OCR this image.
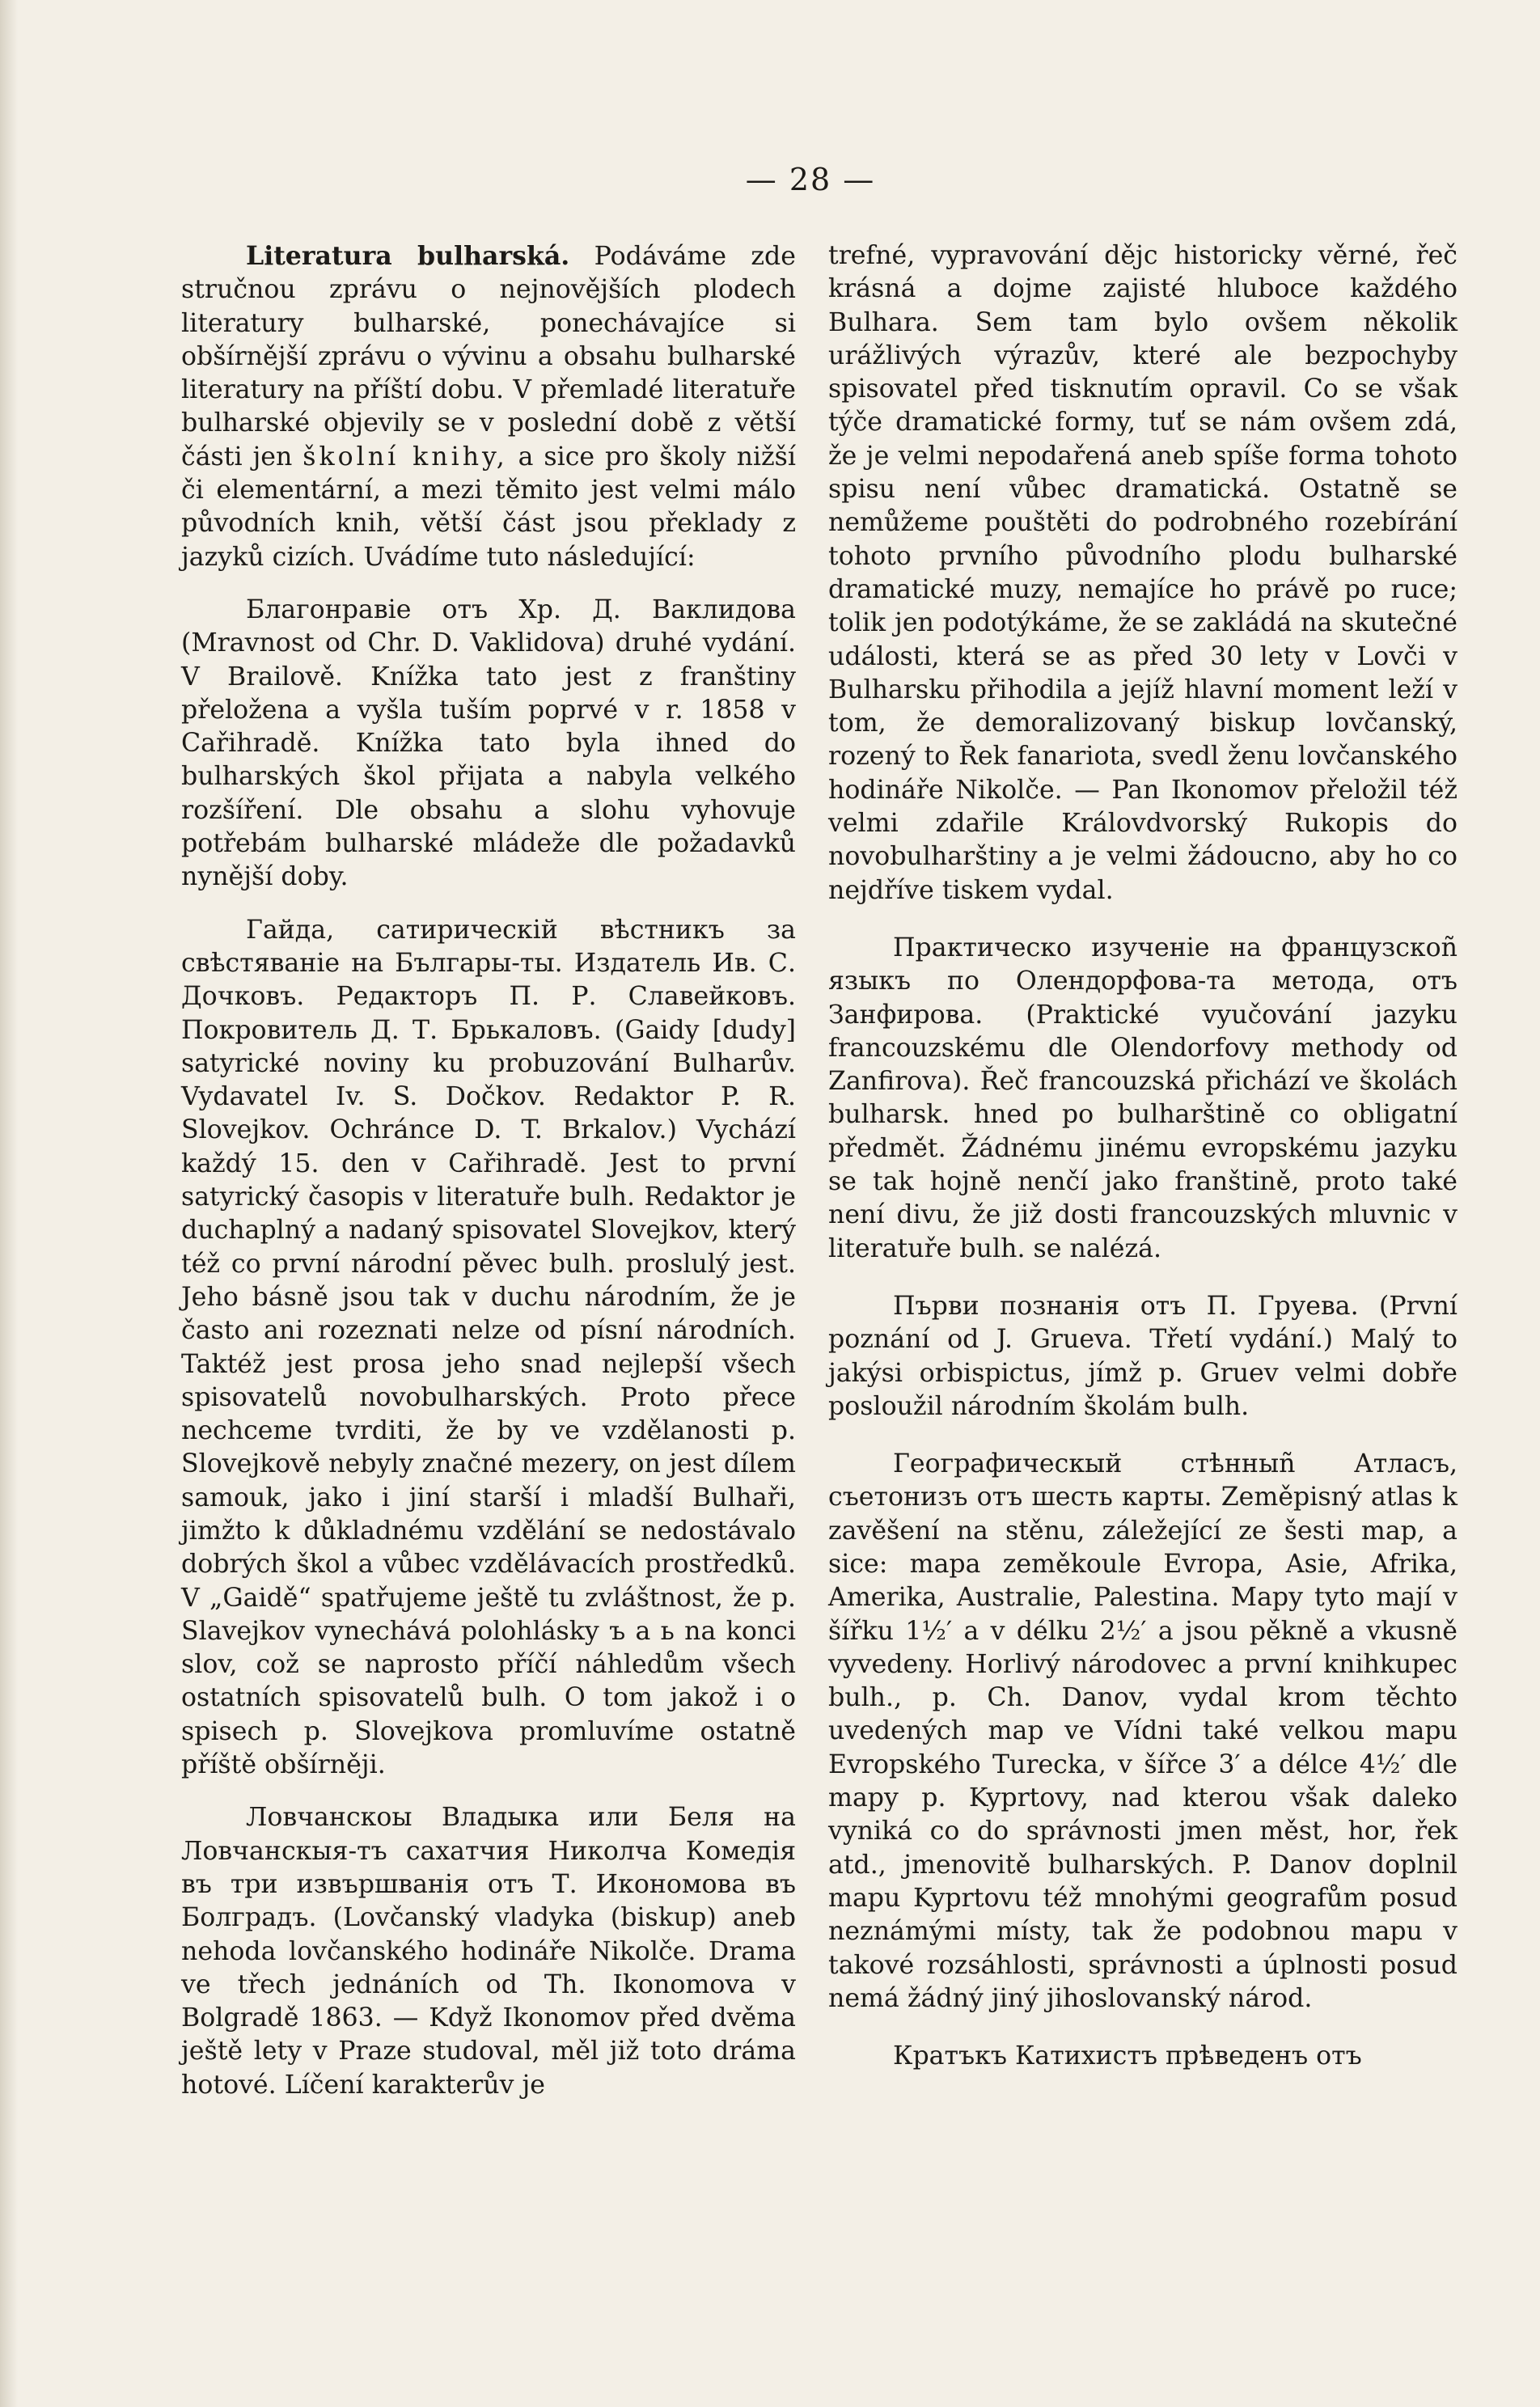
— 28 —

Literatura bulharská. Podáváme zde stručnou zprávu o nejnovějších plodech literatury bulharské, ponechávajíce si obšírnější zprávu o vývinu a obsahu bulharské literatury na příští dobu. V přemladé literatuře bulharské objevily se v poslední době z větší části jen školní knihy, a sice pro školy nižší či elementární, a mezi těmito jest velmi málo původních knih, větší část jsou překlady z jazyků cizích. Uvádíme tuto následující:

Благонравіе отъ Хр. Д. Ваклидова (Mravnost od Chr. D. Vaklidova) druhé vydání. V Brailově. Knížka tato jest z franštiny přeložena a vyšla tuším poprvé v r. 1858 v Cařihradě. Knížka tato byla ihned do bulharských škol přijata a nabyla velkého rozšíření. Dle obsahu a slohu vyhovuje potřebám bulharské mládeže dle požadavků nynější doby.

Гайда, сатирическій вѣстникъ за свѣстяваніе на Българы-ты. Издатель Ив. С. Дочковъ. Редакторъ П. Р. Славейковъ. Покровитель Д. Т. Брькаловъ. (Gaidy [dudy] satyrické noviny ku probuzování Bulharův. Vydavatel Iv. S. Dočkov. Redaktor P. R. Slovejkov. Ochránce D. T. Brkalov.) Vychází každý 15. den v Cařihradě. Jest to první satyrický časopis v literatuře bulh. Redaktor je duchaplný a nadaný spisovatel Slovejkov, který též co první národní pěvec bulh. proslulý jest. Jeho básně jsou tak v duchu národním, že je často ani rozeznati nelze od písní národních. Taktéž jest prosa jeho snad nejlepší všech spisovatelů novobulharských. Proto přece nechceme tvrditi, že by ve vzdělanosti p. Slovejkově nebyly značné mezery, on jest dílem samouk, jako i jiní starší i mladší Bulhaři, jimžto k důkladnému vzdělání se nedostávalo dobrých škol a vůbec vzdělávacích prostředků. V „Gaidě“ spatřujeme ještě tu zvláštnost, že p. Slavejkov vynechává polohlásky ъ a ь na konci slov, což se naprosto příčí náhledům všech ostatních spisovatelů bulh. O tom jakož i o spisech p. Slovejkova promluvíme ostatně příště obšírněji.

Ловчанскоы Владыка или Беля на Ловчанскыя-тъ сахатчия Николча Комедія въ три извършванія отъ Т. Икономова въ Болградъ. (Lovčanský vladyka (biskup) aneb nehoda lovčanského hodináře Nikolče. Drama ve třech jednáních od Th. Ikonomova v Bolgradě 1863. — Když Ikonomov před dvěma ještě lety v Praze studoval, měl již toto dráma hotové. Líčení karakterův je

trefné, vypravování dějc historicky věrné, řeč krásná a dojme zajisté hluboce každého Bulhara. Sem tam bylo ovšem několik urážlivých výrazův, které ale bezpochyby spisovatel před tisknutím opravil. Co se však týče dramatické formy, tuť se nám ovšem zdá, že je velmi nepodařená aneb spíše forma tohoto spisu není vůbec dramatická. Ostatně se nemůžeme pouštěti do podrobného rozebírání tohoto prvního původního plodu bulharské dramatické muzy, nemajíce ho právě po ruce; tolik jen podotýkáme, že se zakládá na skutečné události, která se as před 30 lety v Lovči v Bulharsku přihodila a jejíž hlavní moment leží v tom, že demoralizovaný biskup lovčanský, rozený to Řek fanariota, svedl ženu lovčanského hodináře Nikolče. — Pan Ikonomov přeložil též velmi zdařile Královdvorský Rukopis do novobulharštiny a je velmi žádoucno, aby ho co nejdříve tiskem vydal.

Практическо изученіе на французскоñ языкъ по Олендорфова-та метода, отъ Занфирова. (Praktické vyučování jazyku francouzskému dle Olendorfovy methody od Zanfirova). Řeč francouzská přichází ve školách bulharsk. hned po bulharštině co obligatní předmět. Žádnému jinému evropskému jazyku se tak hojně nenčí jako franštině, proto také není divu, že již dosti francouzských mluvnic v literatuře bulh. se nalézá.

Първи познанія отъ П. Груева. (První poznání od J. Grueva. Třetí vydání.) Malý to jakýsi orbispictus, jímž p. Gruev velmi dobře posloužil národním školám bulh.

Географическый стѣнныñ Атласъ, съетонизъ отъ шесть карты. Zeměpisný atlas k zavěšení na stěnu, záležející ze šesti map, a sice: mapa zeměkoule Evropa, Asie, Afrika, Amerika, Australie, Palestina. Mapy tyto mají v šířku 1½′ a v délku 2½′ a jsou pěkně a vkusně vyvedeny. Horlivý národovec a první knihkupec bulh., p. Ch. Danov, vydal krom těchto uvedených map ve Vídni také velkou mapu Evropského Turecka, v šířce 3′ a délce 4½′ dle mapy p. Kyprtovy, nad kterou však daleko vyniká co do správnosti jmen měst, hor, řek atd., jmenovitě bulharských. P. Danov doplnil mapu Kyprtovu též mnohými geografům posud neznámými místy, tak že podobnou mapu v takové rozsáhlosti, správnosti a úplnosti posud nemá žádný jiný jihoslovanský národ.

Кратъкъ Катихистъ прѣведенъ отъ
